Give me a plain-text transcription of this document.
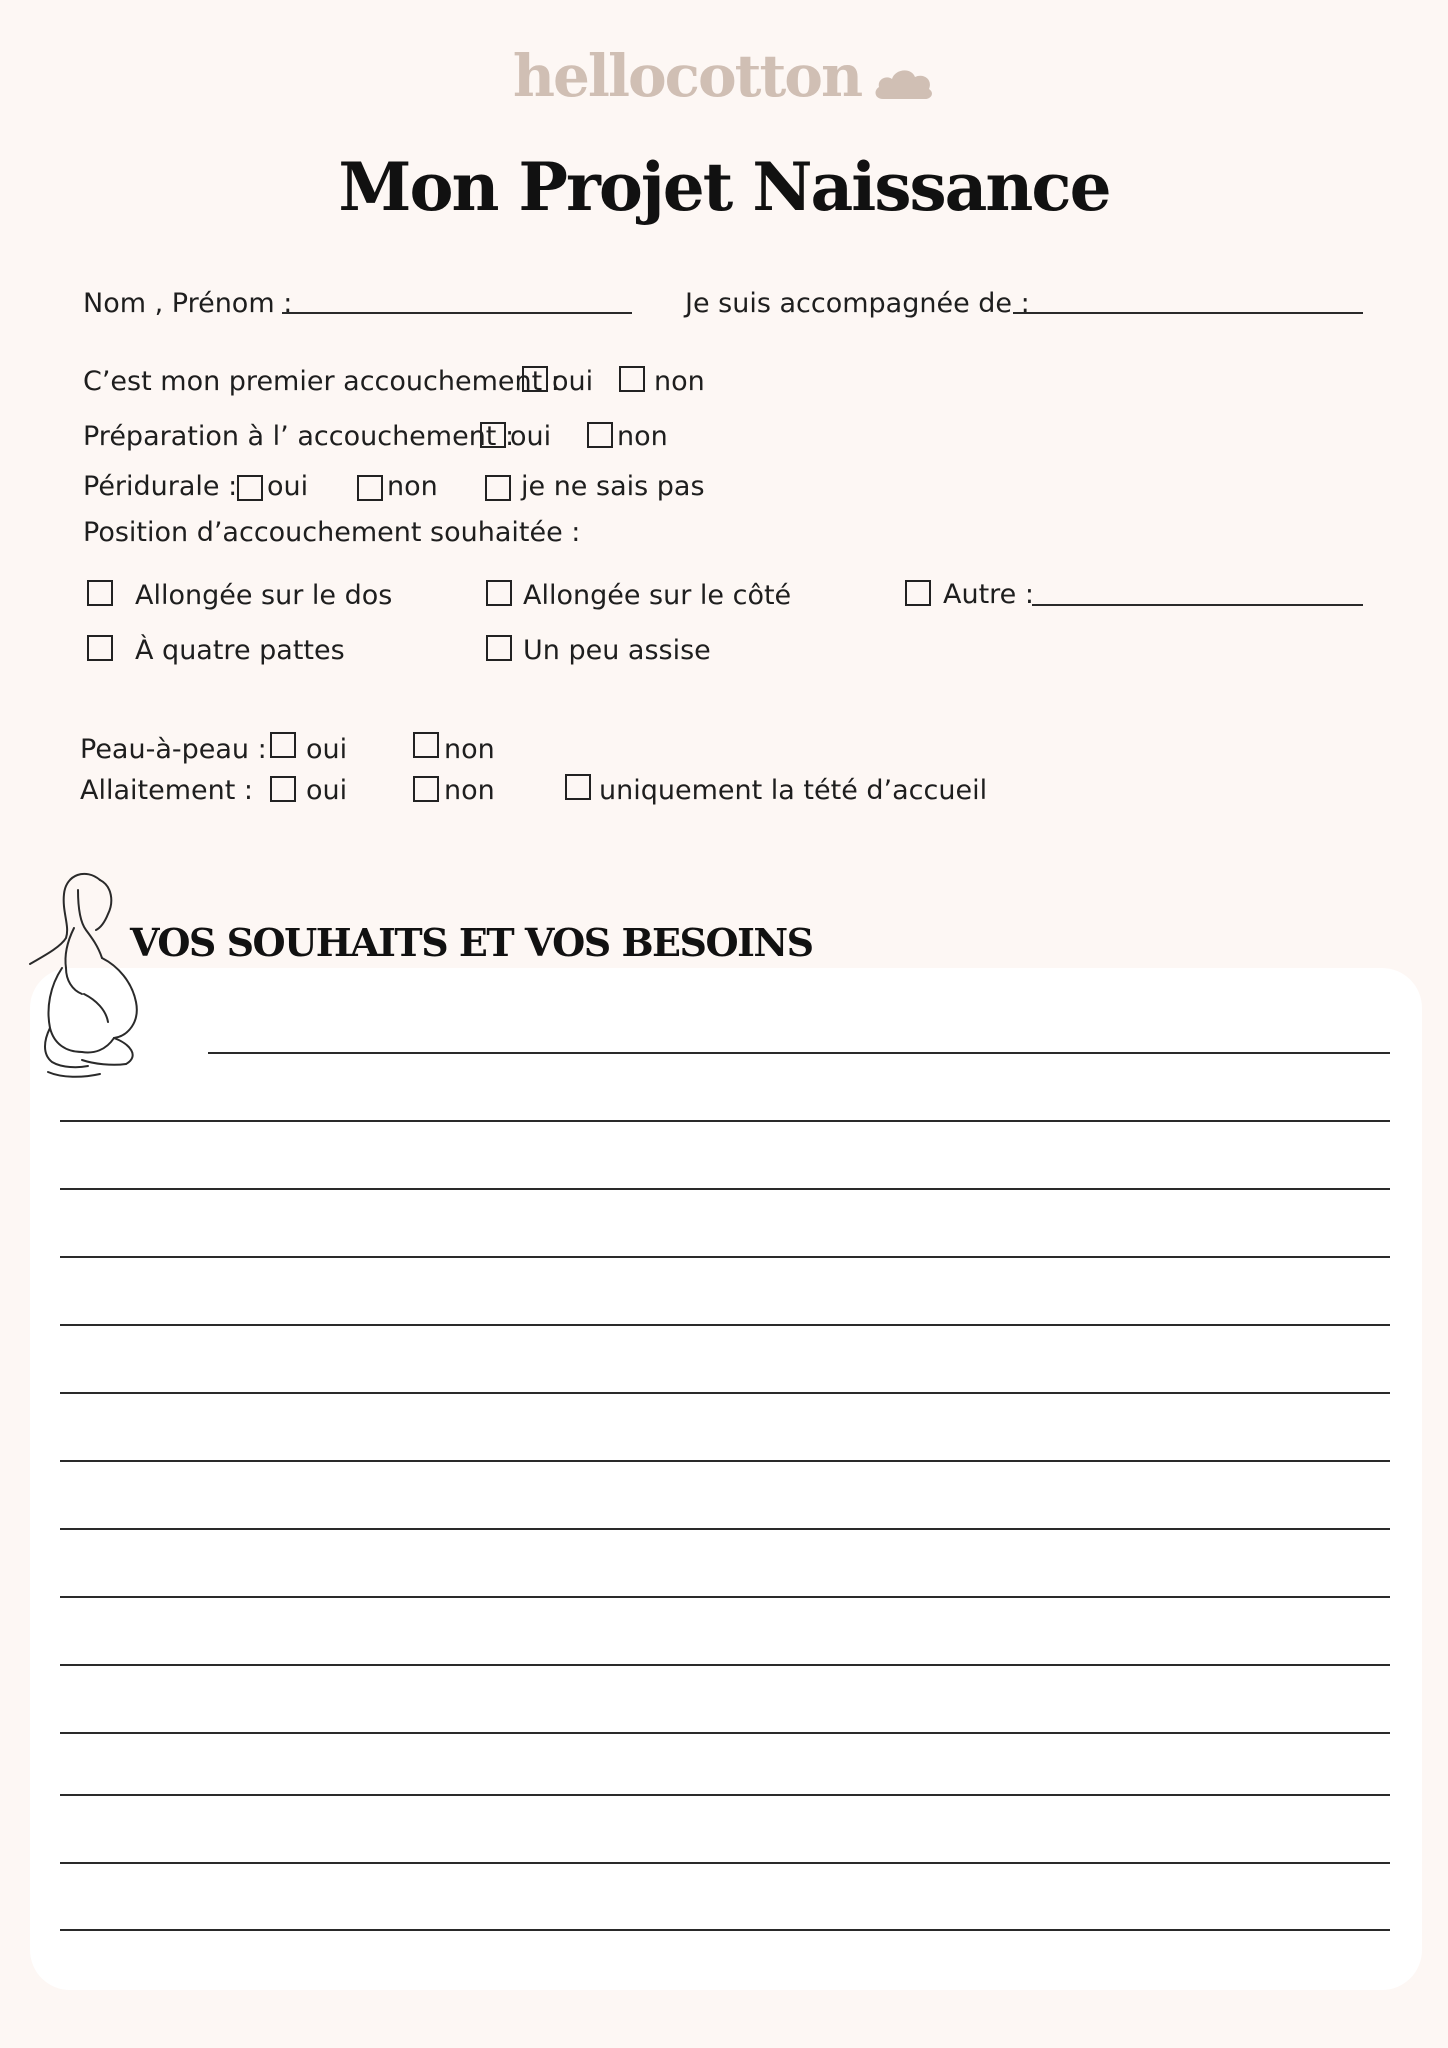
hellocotton
Mon Projet Naissance
Nom , Prénom :	Je suis accompagnée de :
C’est mon premier accouchement :
oui non
Préparation à l’ accouchement :
oui non
Péridurale : oui	non	je ne sais pas
Position d’accouchement souhaitée :
Allongée sur le dos	Allongée sur le côté	Autre :
À quatre pattes	Un peu assise
Peau-à-peau : oui	non
Allaitement : oui	non	uniquement la tété d’accueil
VOS SOUHAITS ET VOS BESOINS
